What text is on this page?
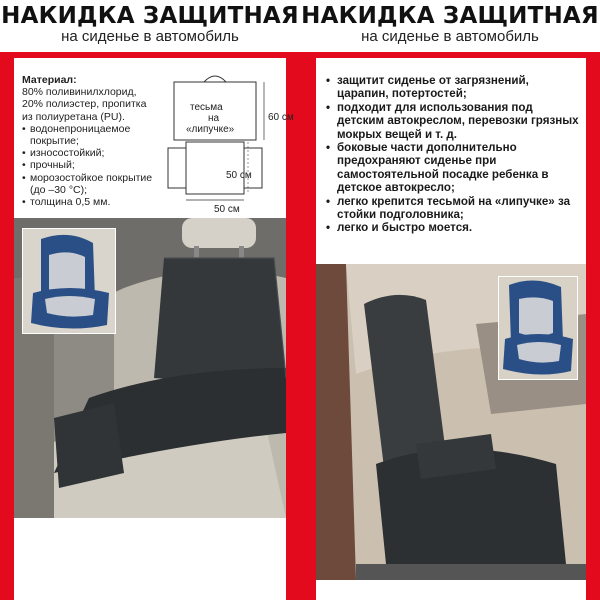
НАКИДКА ЗАЩИТНАЯ
на сиденье в автомобиль
Материал:
80% поливинилхлорид,
20% полиэстер, пропитка
из полиуретана (PU).
• водонепроницаемое покрытие;
• износостойкий;
• прочный;
• морозостойкое покрытие (до –30 °C);
• толщина 0,5 мм.
тесьма
на
«липучке»
60 см
50 см
50 см
НАКИДКА ЗАЩИТНАЯ
на сиденье в автомобиль
• защитит сиденье от загрязнений, царапин, потертостей;
• подходит для использования под детским автокреслом, перевозки грязных мокрых вещей и т. д.
• боковые части дополнительно предохраняют сиденье при самостоятельной посадке ребенка в детское автокресло;
• легко крепится тесьмой на «липучке» за стойки подголовника;
• легко и быстро моется.
